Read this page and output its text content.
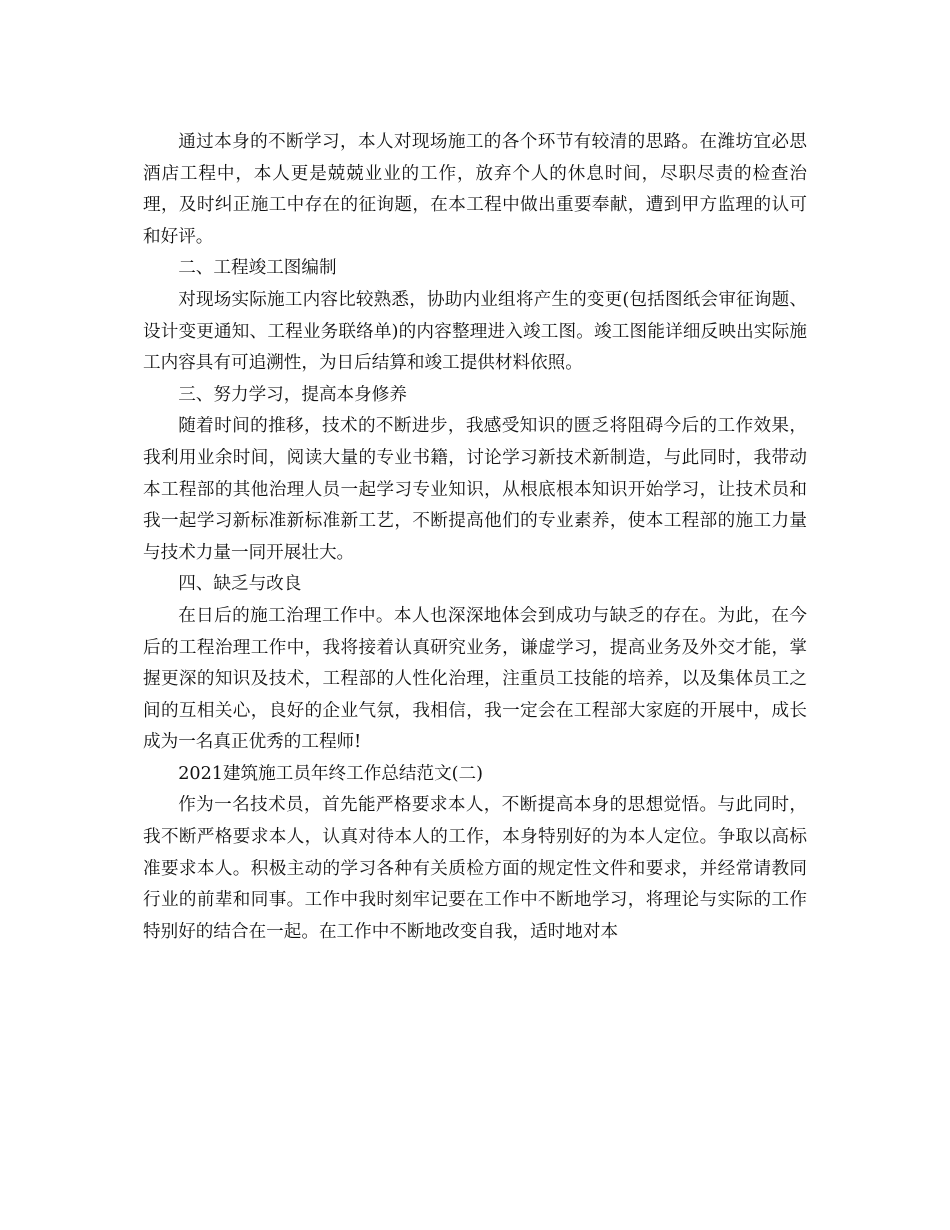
通过本身的不断学习，本人对现场施工的各个环节有较清的思路。在潍坊宜必思酒店工程中，本人更是兢兢业业的工作，放弃个人的休息时间，尽职尽责的检查治理，及时纠正施工中存在的征询题，在本工程中做出重要奉献，遭到甲方监理的认可和好评。

二、工程竣工图编制

对现场实际施工内容比较熟悉，协助内业组将产生的变更(包括图纸会审征询题、设计变更通知、工程业务联络单)的内容整理进入竣工图。竣工图能详细反映出实际施工内容具有可追溯性，为日后结算和竣工提供材料依照。

三、努力学习，提高本身修养

随着时间的推移，技术的不断进步，我感受知识的匮乏将阻碍今后的工作效果，我利用业余时间，阅读大量的专业书籍，讨论学习新技术新制造，与此同时，我带动本工程部的其他治理人员一起学习专业知识，从根底根本知识开始学习，让技术员和我一起学习新标准新标准新工艺，不断提高他们的专业素养，使本工程部的施工力量与技术力量一同开展壮大。

四、缺乏与改良

在日后的施工治理工作中。本人也深深地体会到成功与缺乏的存在。为此，在今后的工程治理工作中，我将接着认真研究业务，谦虚学习，提高业务及外交才能，掌握更深的知识及技术，工程部的人性化治理，注重员工技能的培养，以及集体员工之间的互相关心，良好的企业气氛，我相信，我一定会在工程部大家庭的开展中，成长成为一名真正优秀的工程师!

2021建筑施工员年终工作总结范文(二)

作为一名技术员，首先能严格要求本人，不断提高本身的思想觉悟。与此同时，我不断严格要求本人，认真对待本人的工作，本身特别好的为本人定位。争取以高标准要求本人。积极主动的学习各种有关质检方面的规定性文件和要求，并经常请教同行业的前辈和同事。工作中我时刻牢记要在工作中不断地学习，将理论与实际的工作特别好的结合在一起。在工作中不断地改变自我，适时地对本
